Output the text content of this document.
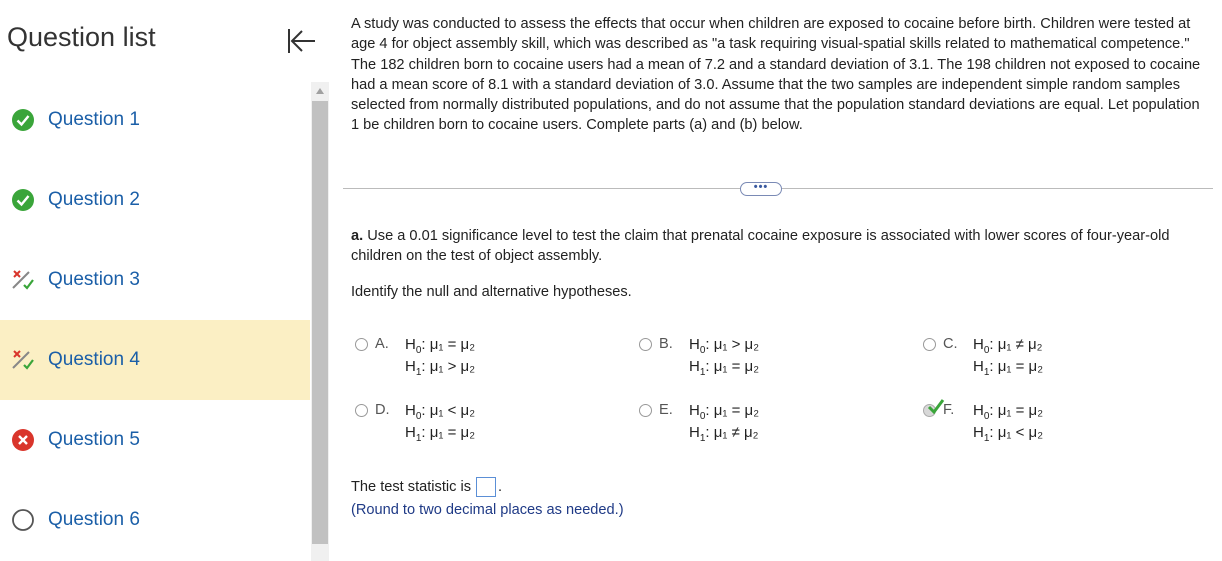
Question list
Question 1
Question 2
Question 3
Question 4
Question 5
Question 6

A study was conducted to assess the effects that occur when children are exposed to cocaine before birth. Children were tested at age 4 for object assembly skill, which was described as "a task requiring visual-spatial skills related to mathematical competence." The 182 children born to cocaine users had a mean of 7.2 and a standard deviation of 3.1. The 198 children not exposed to cocaine had a mean score of 8.1 with a standard deviation of 3.0. Assume that the two samples are independent simple random samples selected from normally distributed populations, and do not assume that the population standard deviations are equal. Let population 1 be children born to cocaine users. Complete parts (a) and (b) below.

•••

a. Use a 0.01 significance level to test the claim that prenatal cocaine exposure is associated with lower scores of four-year-old children on the test of object assembly.

Identify the null and alternative hypotheses.

A. $H_0$: μ₁ = μ₂
$H_1$: μ₁ > μ₂
B. $H_0$: μ₁ > μ₂
$H_1$: μ₁ = μ₂
C. $H_0$: μ₁ ≠ μ₂
$H_1$: μ₁ = μ₂
D. $H_0$: μ₁ < μ₂
$H_1$: μ₁ = μ₂
E. $H_0$: μ₁ = μ₂
$H_1$: μ₁ ≠ μ₂
F. $H_0$: μ₁ = μ₂
$H_1$: μ₁ < μ₂
The test statistic is .
(Round to two decimal places as needed.)
